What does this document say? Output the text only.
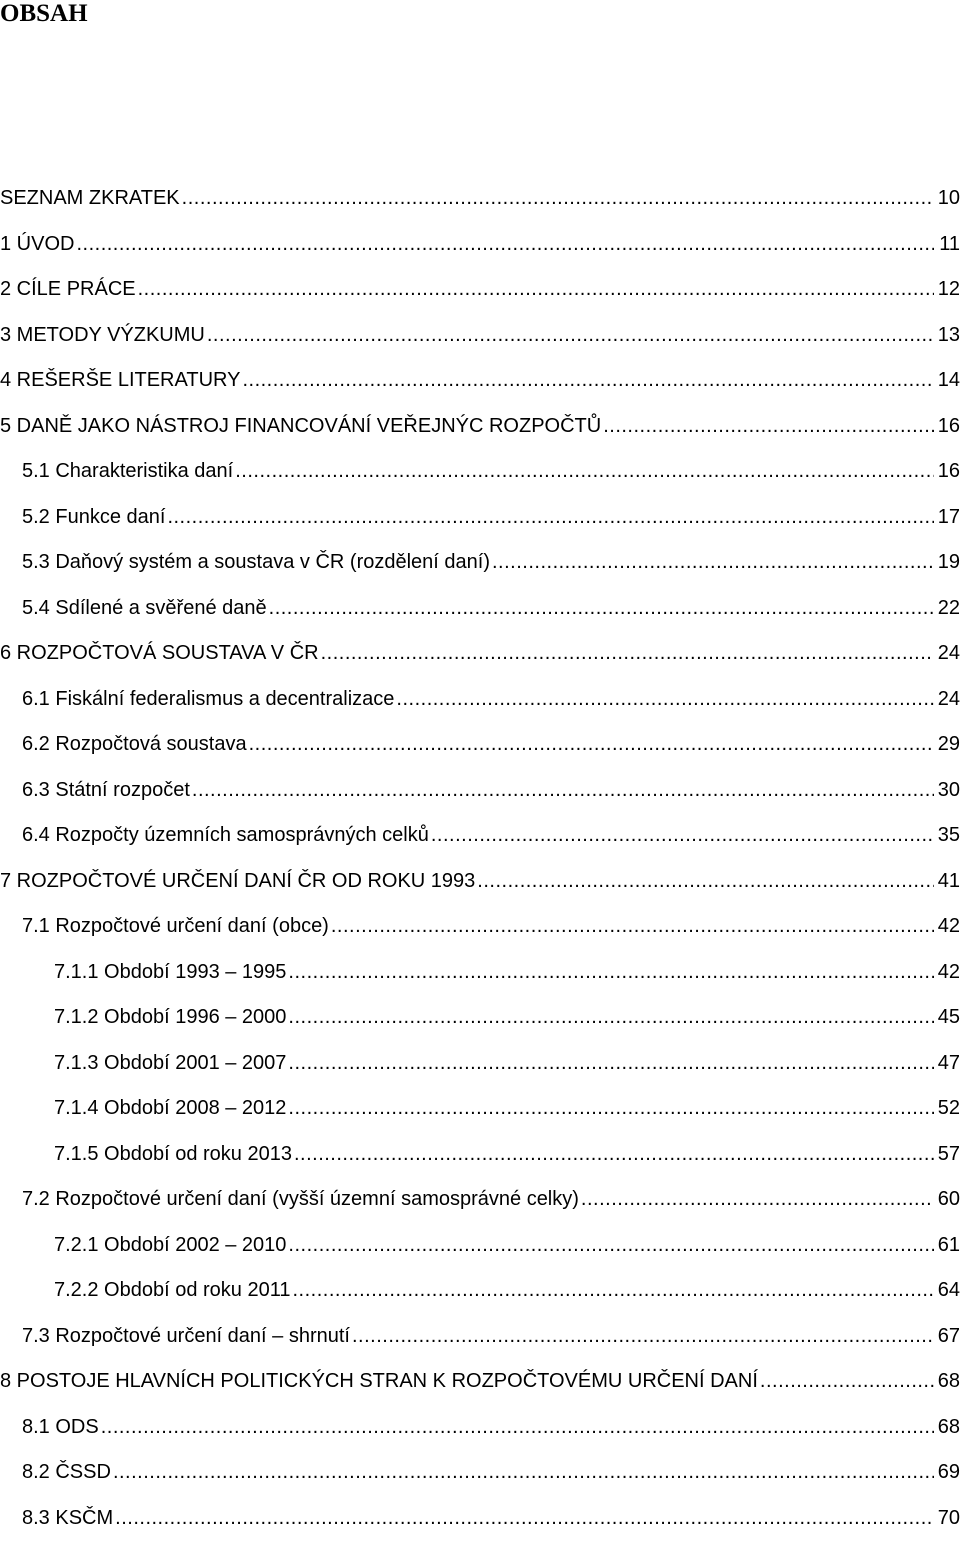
OBSAH
SEZNAM ZKRATEK .....	10
1 ÚVOD .....	11
2 CÍLE PRÁCE .....	12
3 METODY VÝZKUMU .....	13
4 REŠERŠE LITERATURY .....	14
5 DANĚ JAKO NÁSTROJ FINANCOVÁNÍ VEŘEJNÝC ROZPOČTŮ .....	16
5.1 Charakteristika daní .....	16
5.2 Funkce daní .....	17
5.3 Daňový systém a soustava v ČR (rozdělení daní) .....	19
5.4 Sdílené a svěřené daně .....	22
6 ROZPOČTOVÁ SOUSTAVA V ČR .....	24
6.1 Fiskální federalismus a decentralizace .....	24
6.2 Rozpočtová soustava .....	29
6.3 Státní rozpočet .....	30
6.4 Rozpočty územních samosprávných celků .....	35
7 ROZPOČTOVÉ URČENÍ DANÍ ČR OD ROKU 1993 .....	41
7.1 Rozpočtové určení daní (obce) .....	42
7.1.1 Období 1993 – 1995 .....	42
7.1.2 Období 1996 – 2000 .....	45
7.1.3 Období 2001 – 2007 .....	47
7.1.4 Období 2008 – 2012 .....	52
7.1.5 Období od roku 2013 .....	57
7.2 Rozpočtové určení daní (vyšší územní samosprávné celky) .....	60
7.2.1 Období 2002 – 2010 .....	61
7.2.2 Období od roku 2011 .....	64
7.3 Rozpočtové určení daní – shrnutí .....	67
8 POSTOJE HLAVNÍCH POLITICKÝCH STRAN K ROZPOČTOVÉMU URČENÍ DANÍ .....	68
8.1 ODS .....	68
8.2 ČSSD .....	69
8.3 KSČM .....	70
